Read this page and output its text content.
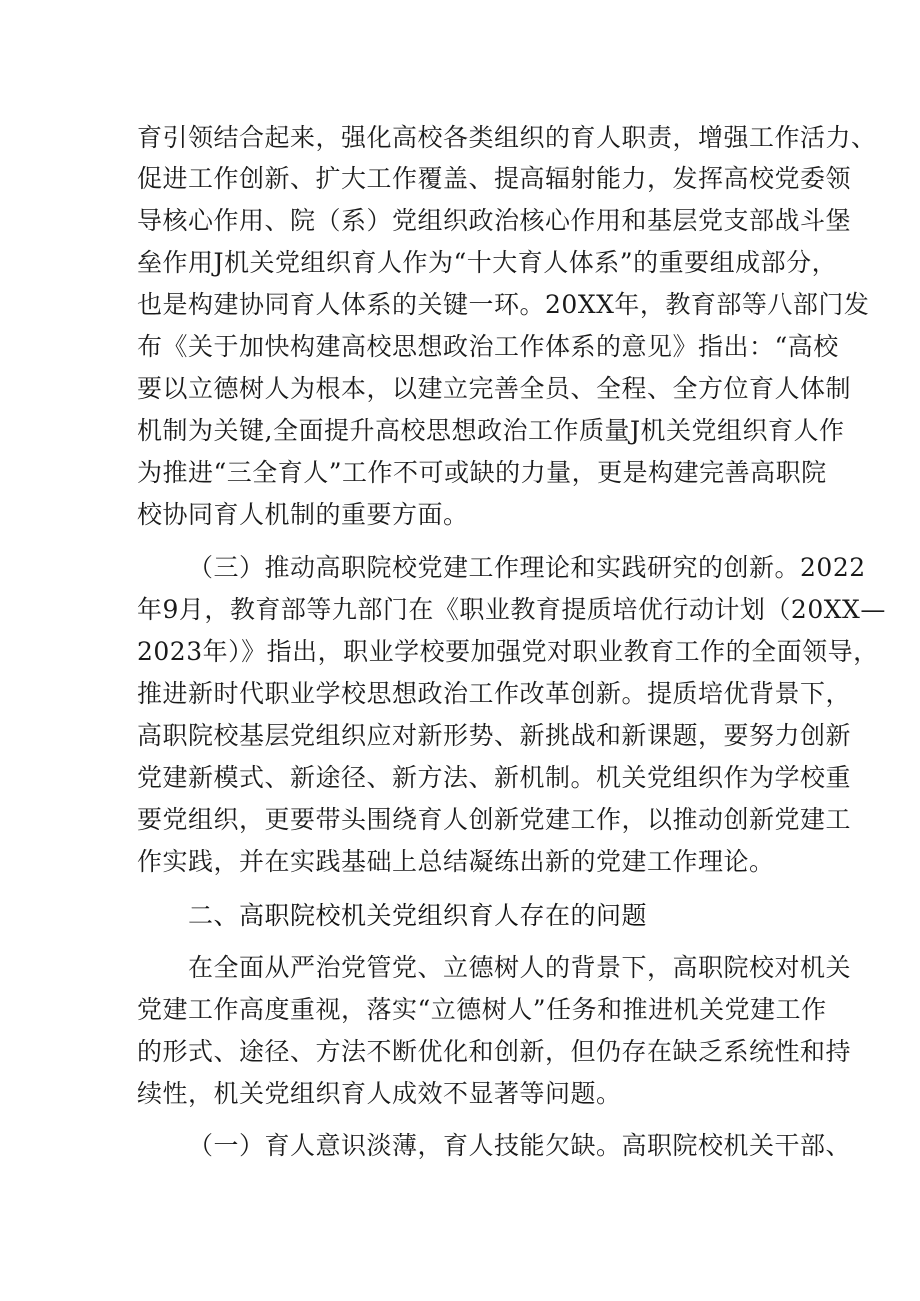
育引领结合起来，强化高校各类组织的育人职责，增强工作活力、
促进工作创新、扩大工作覆盖、提高辐射能力，发挥高校党委领
导核心作用、院（系）党组织政治核心作用和基层党支部战斗堡
垒作用J机关党组织育人作为“十大育人体系”的重要组成部分，
也是构建协同育人体系的关键一环。20XX年，教育部等八部门发
布《关于加快构建高校思想政治工作体系的意见》指出：“高校
要以立德树人为根本，以建立完善全员、全程、全方位育人体制
机制为关键,全面提升高校思想政治工作质量J机关党组织育人作
为推进“三全育人”工作不可或缺的力量，更是构建完善高职院
校协同育人机制的重要方面。
（三）推动高职院校党建工作理论和实践研究的创新。2022
年9月，教育部等九部门在《职业教育提质培优行动计划（20XX—
2023年）》指出，职业学校要加强党对职业教育工作的全面领导，
推进新时代职业学校思想政治工作改革创新。提质培优背景下，
高职院校基层党组织应对新形势、新挑战和新课题，要努力创新
党建新模式、新途径、新方法、新机制。机关党组织作为学校重
要党组织，更要带头围绕育人创新党建工作，以推动创新党建工
作实践，并在实践基础上总结凝练出新的党建工作理论。
二、高职院校机关党组织育人存在的问题
在全面从严治党管党、立德树人的背景下，高职院校对机关
党建工作高度重视，落实“立德树人”任务和推进机关党建工作
的形式、途径、方法不断优化和创新，但仍存在缺乏系统性和持
续性，机关党组织育人成效不显著等问题。
（一）育人意识淡薄，育人技能欠缺。高职院校机关干部、
